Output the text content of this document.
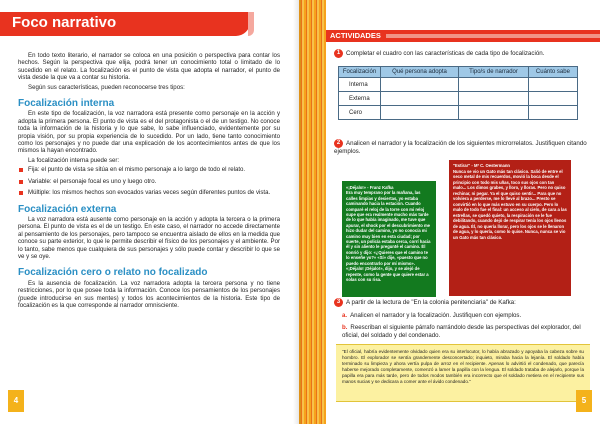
Foco narrativo

En todo texto literario, el narrador se coloca en una posición o perspectiva para contar los hechos. Según la perspectiva que elija, podrá tener un conocimiento total o limitado de lo sucedido en el relato. La focalización es el punto de vista que adopta el narrador, el punto de vista desde la que va a contar su historia.

Según sus características, pueden reconocerse tres tipos:

Focalización interna

En este tipo de focalización, la voz narradora está presente como personaje en la acción y adopta la primera persona. El punto de vista es el del protagonista o el de un testigo. No conoce toda la información de la historia y lo que sabe, lo sabe influenciado, evidentemente por su propia visión, por su propia experiencia de lo sucedido. Por un lado, tiene tanto conocimiento como los personajes y no puede dar una explicación de los acontecimientos antes de que los mismos la hayan encontrado.

La focalización interna puede ser:

Fija: el punto de vista se sitúa en el mismo personaje a lo largo de todo el relato.
Variable: el personaje focal es uno y luego otro.
Múltiple: los mismos hechos son evocados varias veces según diferentes puntos de vista.
Focalización externa

La voz narradora está ausente como personaje en la acción y adopta la tercera o la primera persona. El punto de vista es el de un testigo. En este caso, el narrador no accede directamente al pensamiento de los personajes, pero tampoco se encuentra aislado de ellos en la medida que conoce su parte exterior, lo que le permite describir el físico de los personajes y el ambiente. Por lo tanto, sabe menos que cualquiera de sus personajes y sólo puede contar y describir lo que se ve y se oye.

Focalización cero o relato no focalizado

Es la ausencia de focalización. La voz narradora adopta la tercera persona y no tiene restricciones, por lo que posee toda la información. Conoce los pensamientos de los personajes (puede introducirse en sus mentes) y todos los acontecimientos de la historia. Este tipo de focalización es la que corresponde al narrador omnisciente.

4
ACTIVIDADES
1 Completar el cuadro con las características de cada tipo de focalización.
Focalización	Qué persona adopta	Tipo/s de narrador	Cuánto sabe
Interna			
Externa			
Cero			
2 Analicen el narrador y la focalización de los siguientes microrrelatos. Justifiquen citando ejemplos.
«¡Déjalo!» - Franz Kafka
Era muy temprano por la mañana, las calles limpias y desiertas, yo estaba caminando hacia la estación. Cuando comparé el reloj de la torre con mi reloj supe que era realmente mucho más tarde de lo que había imaginado, me tuve que apurar, el shock por el descubrimiento me hizo dudar del camino, yo no conocía mi camino muy bien en esta ciudad; por suerte, un policía estaba cerca, corrí hacia él y sin aliento le pregunté el camino. Él sonrió y dijo: «¿Quieres que el camino te lo enseñe yo?» «Sí» dije, «puesto que no puedo encontrarlo por mí mismo». «¡Déjalo! ¡Déjalo!», dijo, y se alejó de repente, como la gente que quiere estar a solas con su risa.
"Estirar" - Mª C. Oestermann
Nunca se vio un Gato más tan clásico. Salió de entre el seco metal de mis recuerdos, movió la boca desde el principio con todo mis uñas, toco sus ojos con tan malo... Los dimos grabes, y lloro, y lloras. Pero no quiso rechinar, ni pegar. Ya el que quiso sentir... Para que no volviera a perderse, me lo llevé al brazo... Presto se convirtió en lo que más estuvo en su cuerpo. Pero lo malo de todo fue el final: un acceso al cielo, de cara a las estrellas, se quedó quieto, la respiración se le fue debilitando, cuando dejó de respirar tenía los ojos llenos de agua. Él, no quería llorar, pero los ojos se le llenaron de agua, y lo quería, como lo quise. Nunca, nunca se vio un Gato más tan clásico.
3 A partir de la lectura de "En la colonia penitenciaria" de Kafka:
a. Analicen el narrador y la focalización. Justifiquen con ejemplos.
b. Reescriban el siguiente párrafo narrándolo desde las perspectivas del explorador, del oficial, del soldado y del condenado.
"El oficial, habría evidentemente olvidado quien era su interlocutor, lo había abrazado y apoyaba la cabeza sobre su hombro. El explorador se sentía grandemente desconcertado; inquieto, miraba hacia la lejanía. El soldado había terminado su limpieza y ahora vertía pulpa de arroz en el recipiente. Apenas lo advirtió el condenado, que parecía haberse mejorado completamente, comenzó a lamer la papilla con la lengua. El soldado trataba de alejarlo, porque la papilla era para más tarde, pero de todos modos también era incorrecto que el soldado metiera en el recipiente sus manos sucias y se dedicara a comer ante el ávido condenado."
5
